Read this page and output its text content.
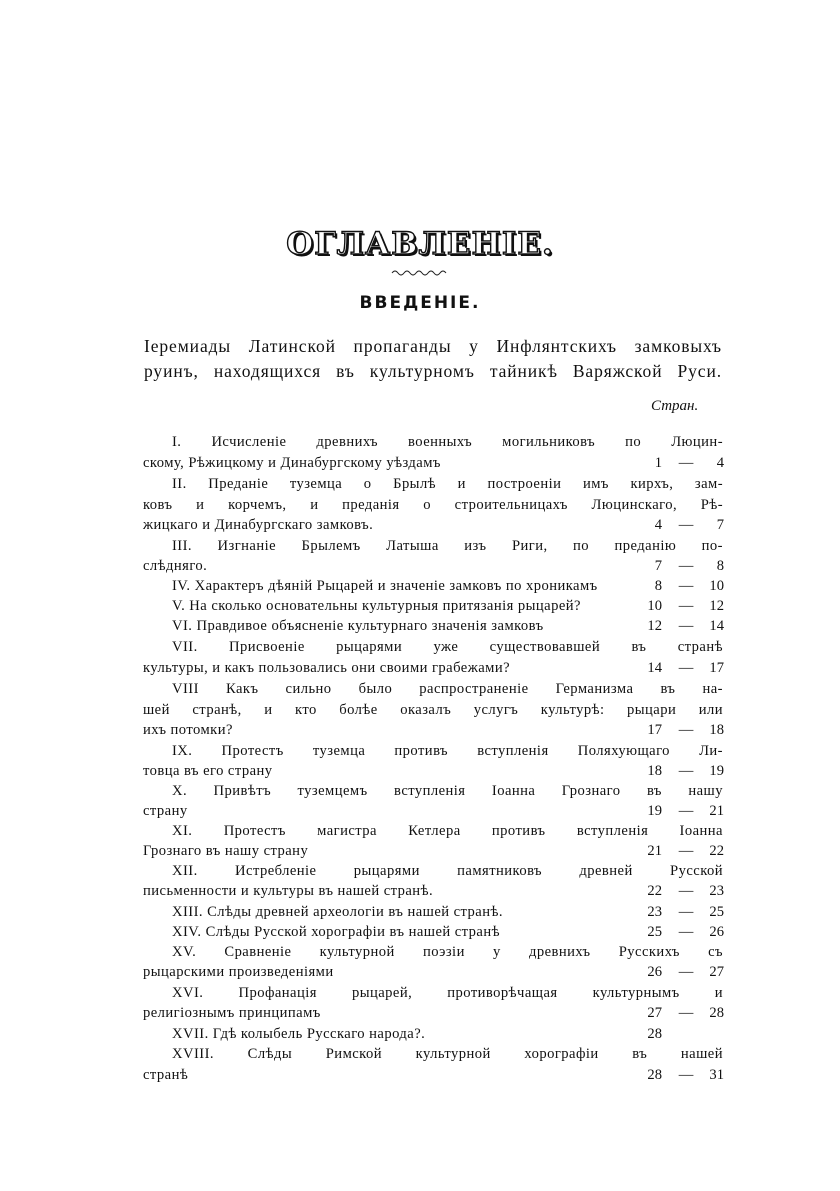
ОГЛАВЛЕНІЕ.
ВВЕДЕНІЕ.
Іеремиады Латинской пропаганды у Инфлянтскихъ замковыхъ
руинъ, находящихся въ культурномъ тайникѣ Варяжской Руси.
Стран.
I. Исчисленіе древнихъ военныхъ могильниковъ по Люцин-
скому, Рѣжицкому и Динабургскому уѣздамъ	1 —	4
II. Преданіе туземца о Брылѣ и построеніи имъ кирхъ, зам-
ковъ и корчемъ, и преданія о строительницахъ Люцинскаго, Рѣ-
жицкаго и Динабургскаго замковъ.	4 —	7
III. Изгнаніе Брылемъ Латыша изъ Риги, по преданію по-
слѣдняго.	7 —	8
IV. Характеръ дѣяній Рыцарей и значеніе замковъ по хроникамъ	8 —	10
V. На сколько основательны культурныя притязанія рыцарей?	10 —	12
VI. Правдивое объясненіе культурнаго значенія замковъ	12 —	14
VII. Присвоеніе рыцарями уже существовавшей въ странѣ
культуры, и какъ пользовались они своими грабежами?	14 —	17
VIII Какъ сильно было распространеніе Германизма въ на-
шей странѣ, и кто болѣе оказалъ услугъ культурѣ: рыцари или
ихъ потомки?	17 —	18
IX. Протестъ туземца противъ вступленія Поляхующаго Ли-
товца въ его страну	18 —	19
X. Привѣтъ туземцемъ вступленія Іоанна Грознаго въ нашу
страну	19 —	21
XI. Протестъ магистра Кетлера противъ вступленія Іоанна
Грознаго въ нашу страну	21 —	22
XII. Истребленіе рыцарями памятниковъ древней Русской
письменности и культуры въ нашей странѣ.	22 —	23
XIII. Слѣды древней археологіи въ нашей странѣ.	23 —	25
XIV. Слѣды Русской хорографіи въ нашей странѣ	25 —	26
XV. Сравненіе культурной поэзіи у древнихъ Русскихъ съ
рыцарскими произведеніями	26 —	27
XVI. Профанація рыцарей, противорѣчащая культурнымъ и
религіознымъ принципамъ	27 —	28
XVII. Гдѣ колыбель Русскаго народа?.	28
XVIII. Слѣды Римской культурной хорографіи въ нашей
странѣ	28 —	31
